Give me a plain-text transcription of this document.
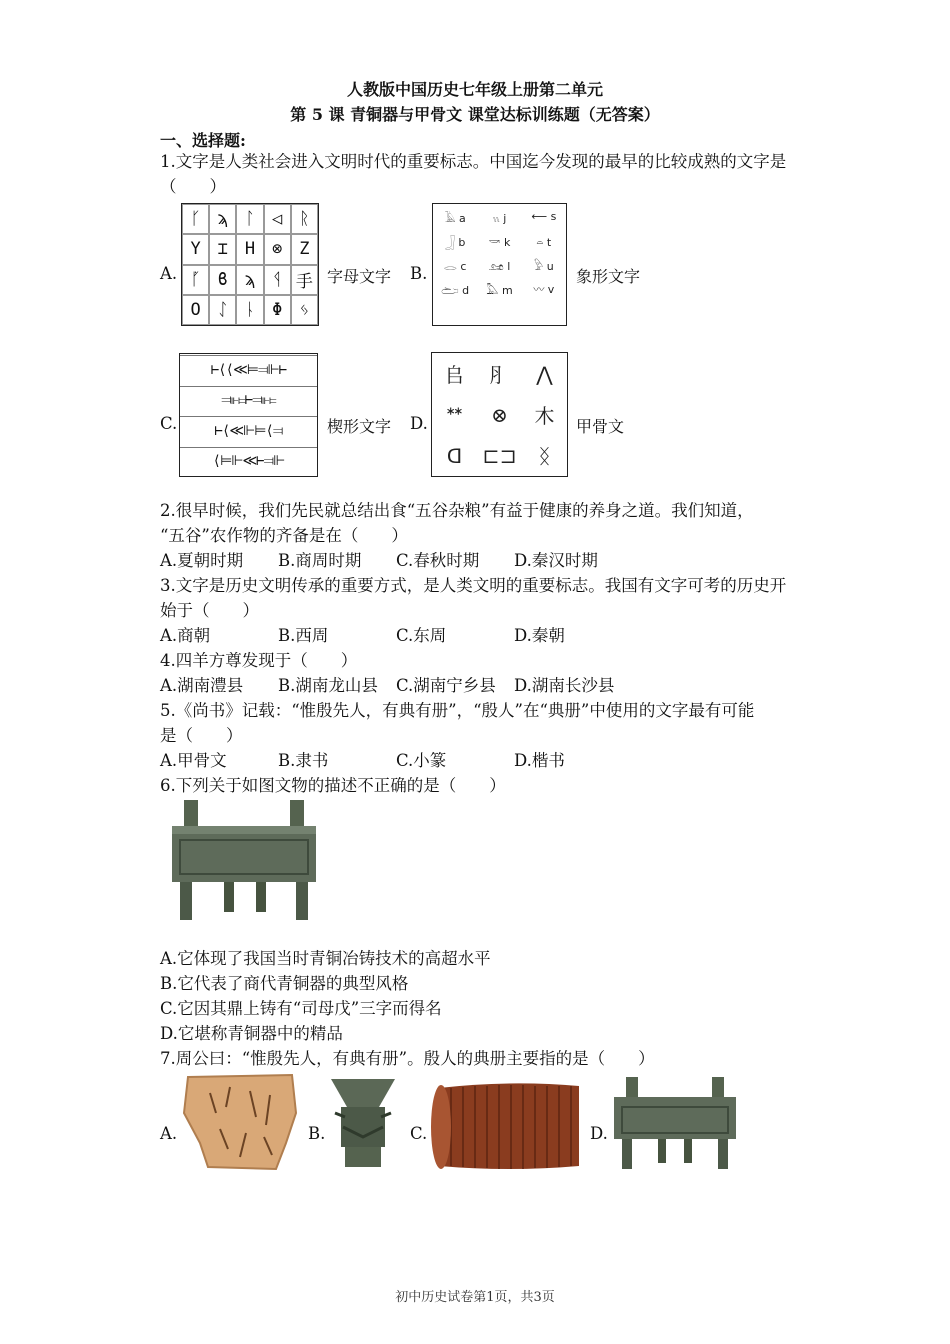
人教版中国历史七年级上册第二单元
第 5 课 青铜器与甲骨文 课堂达标训练题（无答案）
一、选择题:
1.文字是人类社会进入文明时代的重要标志。中国迄今发现的最早的比较成熟的文字是
（　　）
A.
ᚴ ϡ ᛚ ◁ ᚱ
Y ⌶ H ⊗ Z
ᚵ ϐ ϡ ᛩ 手
O ᛇ	ᚿ Φ ᛃ
字母文字 B.
𓄿 a	𓏭 j	⟵ s
𓃀 b	𓎡 k	𓏏 t
𓂋 c	𓃭 l	𓅱 u
𓂧 d	𓅓 m	〰 v
象形文字
C.
⊢⟨⟨≪⊨⫤⊩⊢
⫤⊩⊨⊢⫤⊩⊨
⊢⟨≪⊩⊨⟨⫤
⟨⊨⊩≪⊢⫤⊩
楔形文字 D.
𠂤	⺼	⋀
ᕯ	⊗	木
ᗡ	⊏⊐	ᛝ
甲骨文
2.很早时候，我们先民就总结出食“五谷杂粮”有益于健康的养身之道。我们知道，
“五谷”农作物的齐备是在（　　）
A.夏朝时期 B.商周时期 C.春秋时期 D.秦汉时期
3.文字是历史文明传承的重要方式，是人类文明的重要标志。我国有文字可考的历史开
始于（　　）
A.商朝	B.西周	C.东周	D.秦朝
4.四羊方尊发现于（　　）
A.湖南澧县 B.湖南龙山县 C.湖南宁乡县 D.湖南长沙县
5.《尚书》记载：“惟殷先人，有典有册”，“殷人”在“典册”中使用的文字最有可能
是（　　）
A.甲骨文	B.隶书	C.小篆	D.楷书
6.下列关于如图文物的描述不正确的是（　　）
A.它体现了我国当时青铜冶铸技术的高超水平
B.它代表了商代青铜器的典型风格
C.它因其鼎上铸有“司母戊”三字而得名
D.它堪称青铜器中的精品
7.周公曰：“惟殷先人，有典有册”。殷人的典册主要指的是（　　）
A.	B.	C.	D.
初中历史试卷第1页，共3页
